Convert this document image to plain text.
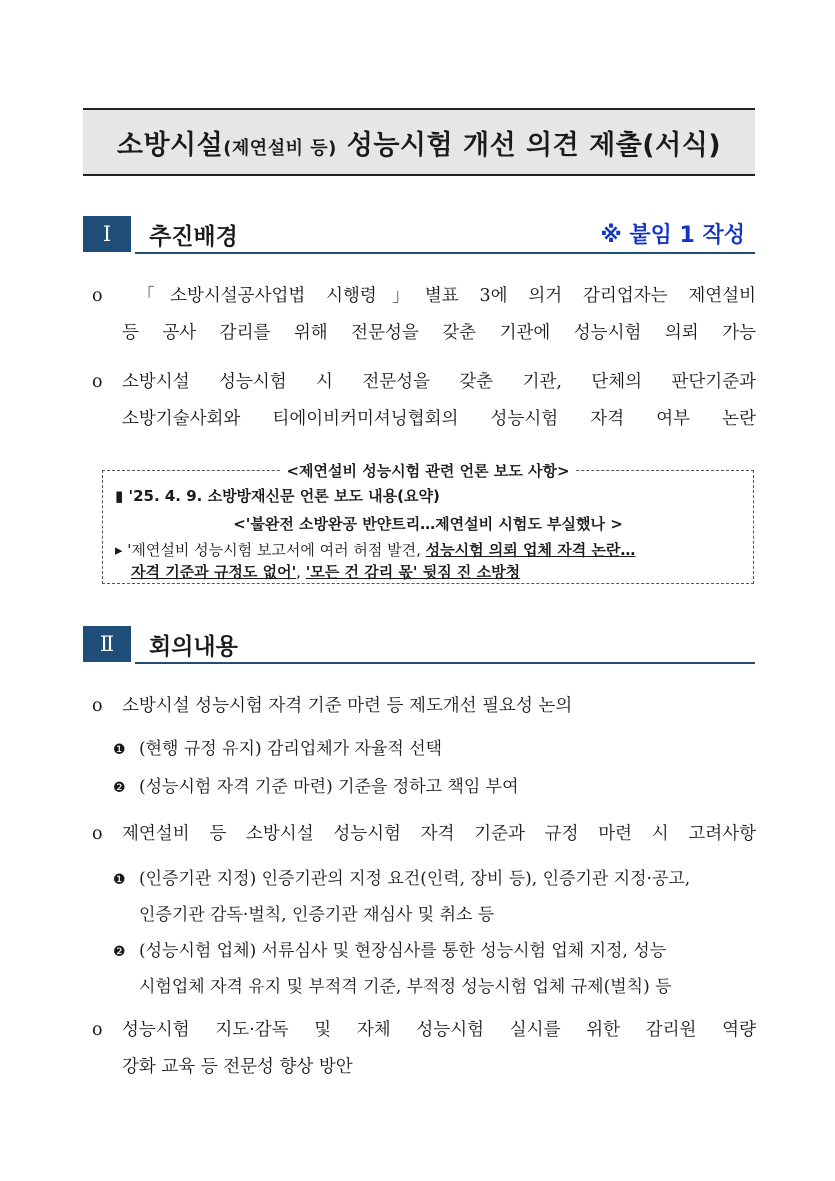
소방시설(제연설비 등) 성능시험 개선 의견 제출(서식)
Ⅰ	추진배경	※ 붙임 1 작성
o 「소방시설공사업법 시행령」별표 3에 의거 감리업자는 제연설비
등 공사 감리를 위해 전문성을 갖춘 기관에 성능시험 의뢰 가능
o 소방시설 성능시험 시 전문성을 갖춘 기관, 단체의 판단기준과
소방기술사회와 티에이비커미셔닝협회의 성능시험 자격 여부 논란
<제연설비 성능시험 관련 언론 보도 사항>
▮ '25. 4. 9. 소방방재신문 언론 보도 내용(요약)
<'불완전 소방완공 반얀트리…제연설비 시험도 부실했나 >
▸ '제연설비 성능시험 보고서에 여러 허점 발견, 성능시험 의뢰 업체 자격 논란…
자격 기준과 규정도 없어', '모든 건 감리 몫' 뒷짐 진 소방청
Ⅱ	회의내용
o 소방시설 성능시험 자격 기준 마련 등 제도개선 필요성 논의
❶ (현행 규정 유지) 감리업체가 자율적 선택
❷ (성능시험 자격 기준 마련) 기준을 정하고 책임 부여
o 제연설비 등 소방시설 성능시험 자격 기준과 규정 마련 시 고려사항
❶ (인증기관 지정) 인증기관의 지정 요건(인력, 장비 등), 인증기관 지정·공고,
인증기관 감독·벌칙, 인증기관 재심사 및 취소 등
❷ (성능시험 업체) 서류심사 및 현장심사를 통한 성능시험 업체 지정, 성능
시험업체 자격 유지 및 부적격 기준, 부적정 성능시험 업체 규제(벌칙) 등
o 성능시험 지도·감독 및 자체 성능시험 실시를 위한 감리원 역량
강화 교육 등 전문성 향상 방안
